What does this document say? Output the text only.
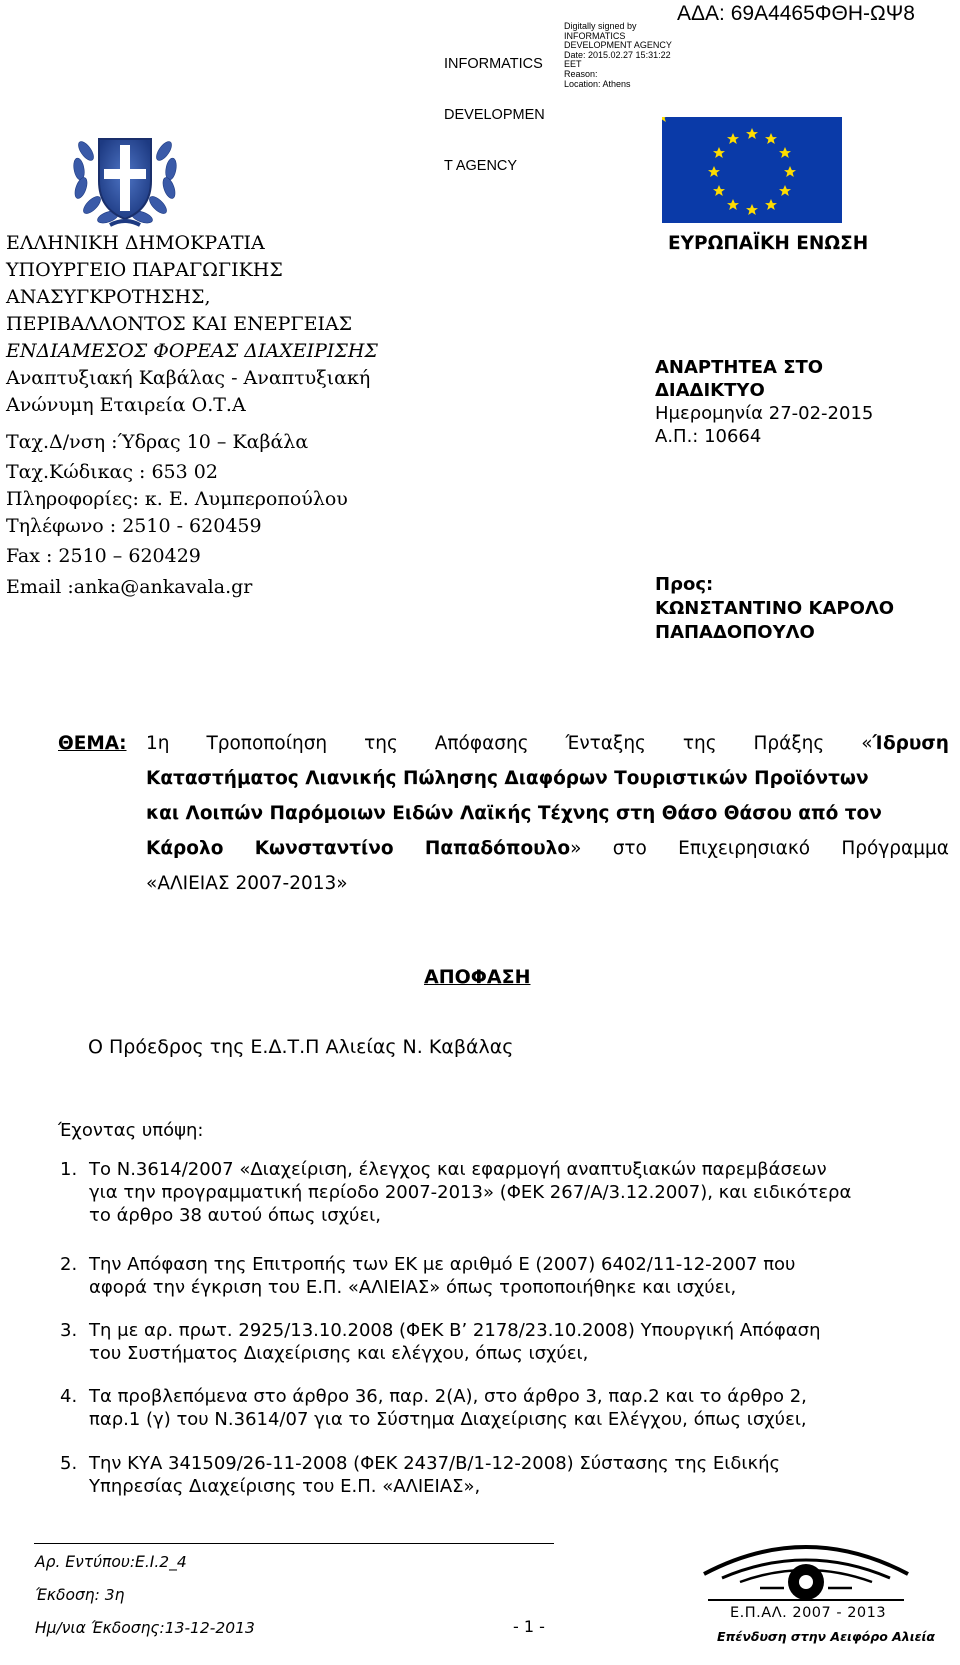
INFORMATICS

DEVELOPMEN

T AGENCY

Digitally signed by
INFORMATICS
DEVELOPMENT AGENCY
Date: 2015.02.27 15:31:22
EET
Reason:
Location: Athens
ΑΔΑ: 69Α4465ΦΘΗ-ΩΨ8
ΕΥΡΩΠΑΪΚΗ ΕΝΩΣΗ
ΕΛΛΗΝΙΚΗ ΔΗΜΟΚΡΑΤΙΑ
ΥΠΟΥΡΓΕΙΟ ΠΑΡΑΓΩΓΙΚΗΣ
ΑΝΑΣΥΓΚΡΟΤΗΣΗΣ,
ΠΕΡΙΒΑΛΛΟΝΤΟΣ ΚΑΙ ΕΝΕΡΓΕΙΑΣ
ΕΝΔΙΑΜΕΣΟΣ ΦΟΡΕΑΣ ΔΙΑΧΕΙΡΙΣΗΣ
Αναπτυξιακή Καβάλας - Αναπτυξιακή
Ανώνυμη Εταιρεία Ο.Τ.Α
Ταχ.Δ/νση :Ύδρας 10 – Καβάλα
Ταχ.Κώδικας : 653 02
Πληροφορίες: κ. Ε. Λυμπεροπούλου
Τηλέφωνο : 2510 - 620459
Fax : 2510 – 620429
Email :anka@ankavala.gr
ΑΝΑΡΤΗΤΕΑ ΣΤΟ
ΔΙΑΔΙΚΤΥΟ
Ημερομηνία 27-02-2015
Α.Π.: 10664
Προς:
ΚΩΝΣΤΑΝΤΙΝΟ ΚΑΡΟΛΟ
ΠΑΠΑΔΟΠΟΥΛΟ
ΘΕΜΑ: 1η Τροποποίηση της Απόφασης Ένταξης της Πράξης «Ίδρυση
Καταστήματος Λιανικής Πώλησης Διαφόρων Τουριστικών Προϊόντων
και Λοιπών Παρόμοιων Ειδών Λαϊκής Τέχνης στη Θάσο Θάσου από τον
Κάρολο Κωνσταντίνο Παπαδόπουλο» στο Επιχειρησιακό Πρόγραμμα
«ΑΛΙΕΙΑΣ 2007-2013»
ΑΠΟΦΑΣΗ
Ο Πρόεδρος της Ε.Δ.Τ.Π Αλιείας Ν. Καβάλας
Έχοντας υπόψη:
1. Το Ν.3614/2007 «Διαχείριση, έλεγχος και εφαρμογή αναπτυξιακών παρεμβάσεων
για την προγραμματική περίοδο 2007-2013» (ΦΕΚ 267/Α/3.12.2007), και ειδικότερα
το άρθρο 38 αυτού όπως ισχύει,
2. Την Απόφαση της Επιτροπής των ΕΚ με αριθμό Ε (2007) 6402/11-12-2007 που
αφορά την έγκριση του Ε.Π. «ΑΛΙΕΙΑΣ» όπως τροποποιήθηκε και ισχύει,
3. Τη με αρ. πρωτ. 2925/13.10.2008 (ΦΕΚ Β’ 2178/23.10.2008) Υπουργική Απόφαση
του Συστήματος Διαχείρισης και ελέγχου, όπως ισχύει,
4. Τα προβλεπόμενα στο άρθρο 36, παρ. 2(Α), στο άρθρο 3, παρ.2 και το άρθρο 2,
παρ.1 (γ) του Ν.3614/07 για το Σύστημα Διαχείρισης και Ελέγχου, όπως ισχύει,
5. Την ΚΥΑ 341509/26-11-2008 (ΦΕΚ 2437/Β/1-12-2008) Σύστασης της Ειδικής
Υπηρεσίας Διαχείρισης του Ε.Π. «ΑΛΙΕΙΑΣ»,
Αρ. Εντύπου:Ε.Ι.2_4
Έκδοση: 3η
Ημ/νια Έκδοσης:13-12-2013	- 1 -
Ε.Π.ΑΛ. 2007 - 2013
Επένδυση στην Αειφόρο Αλιεία
